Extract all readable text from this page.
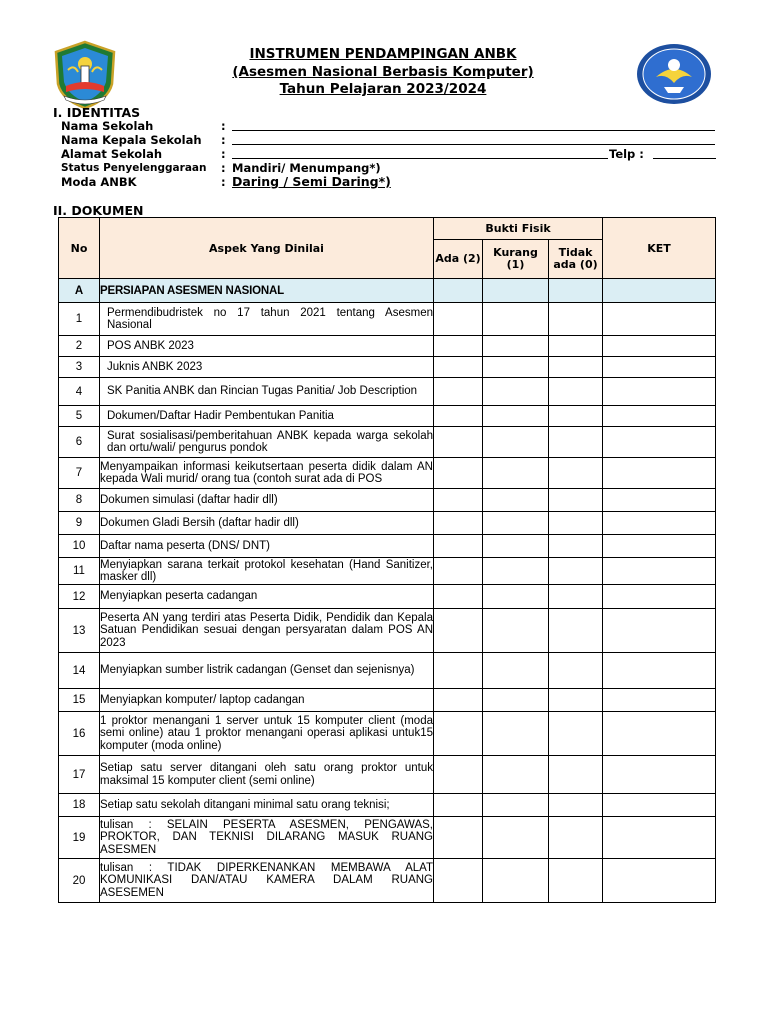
INSTRUMEN PENDAMPINGAN ANBK
(Asesmen Nasional Berbasis Komputer)
Tahun Pelajaran 2023/2024
I. IDENTITAS
Nama Sekolah	:
Nama Kepala Sekolah :
Alamat Sekolah	:	Telp :
Status Penyelenggaraan : Mandiri/ Menumpang*)
Moda ANBK	: Daring / Semi Daring*)
II. DOKUMEN
No	Aspek Yang Dinilai	Bukti Fisik			KET
		Ada (2)	Kurang (1)	Tidak ada (0)	
A	PERSIAPAN ASESMEN NASIONAL				
1	Permendibudristek no 17 tahun 2021 tentang Asesmen Nasional				
2	POS ANBK 2023				
3	Juknis ANBK 2023				
4	SK Panitia ANBK dan Rincian Tugas Panitia/ Job Description				
5	Dokumen/Daftar Hadir Pembentukan Panitia				
6	Surat sosialisasi/pemberitahuan ANBK kepada warga sekolah dan ortu/wali/ pengurus pondok				
7	Menyampaikan informasi keikutsertaan peserta didik dalam AN kepada Wali murid/ orang tua (contoh surat ada di POS				
8	Dokumen simulasi (daftar hadir dll)				
9	Dokumen Gladi Bersih (daftar hadir dll)				
10	Daftar nama peserta (DNS/ DNT)				
11	Menyiapkan sarana terkait protokol kesehatan (Hand Sanitizer, masker dll)				
12	Menyiapkan peserta cadangan				
13	Peserta AN yang terdiri atas Peserta Didik, Pendidik dan Kepala Satuan Pendidikan sesuai dengan persyaratan dalam POS AN 2023				
14	Menyiapkan sumber listrik cadangan (Genset dan sejenisnya)				
15	Menyiapkan komputer/ laptop cadangan				
16	1 proktor menangani 1 server untuk 15 komputer client (moda semi online) atau 1 proktor menangani operasi aplikasi untuk15 komputer (moda online)				
17	Setiap satu server ditangani oleh satu orang proktor untuk maksimal 15 komputer client (semi online)				
18	Setiap satu sekolah ditangani minimal satu orang teknisi;				
19	tulisan : SELAIN PESERTA ASESMEN, PENGAWAS, PROKTOR, DAN TEKNISI DILARANG MASUK RUANG ASESMEN				
20	tulisan : TIDAK DIPERKENANKAN MEMBAWA ALAT KOMUNIKASI DAN/ATAU KAMERA DALAM RUANG ASESEMEN				
